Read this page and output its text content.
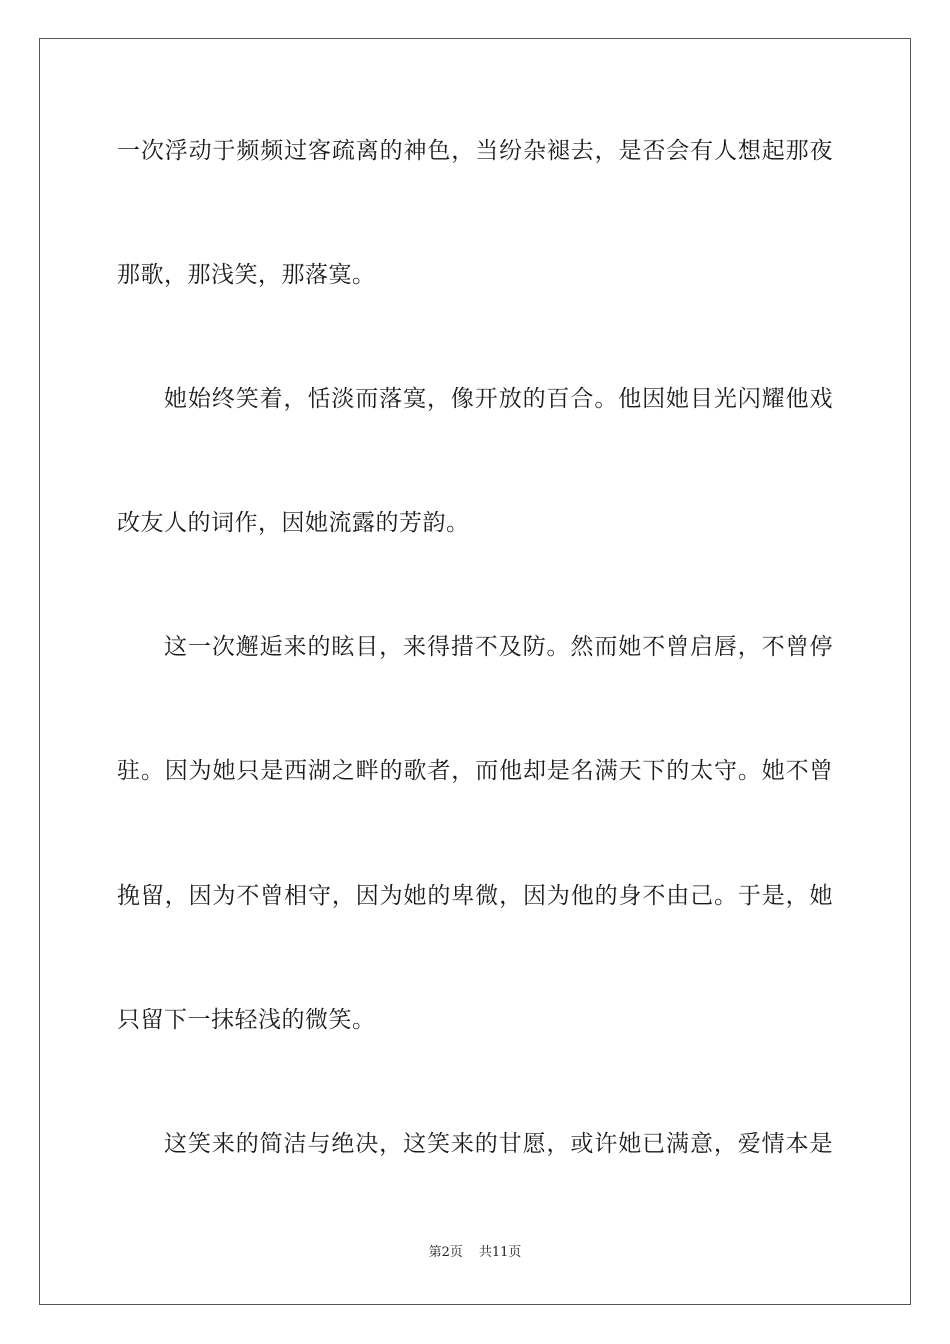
一次浮动于频频过客疏离的神色，当纷杂褪去，是否会有人想起那夜
那歌，那浅笑，那落寞。
她始终笑着，恬淡而落寞，像开放的百合。他因她目光闪耀他戏
改友人的词作，因她流露的芳韵。
这一次邂逅来的眩目，来得措不及防。然而她不曾启唇，不曾停
驻。因为她只是西湖之畔的歌者，而他却是名满天下的太守。她不曾
挽留，因为不曾相守，因为她的卑微，因为他的身不由己。于是，她
只留下一抹轻浅的微笑。
这笑来的简洁与绝决，这笑来的甘愿，或许她已满意，爱情本是
第2页 共11页
